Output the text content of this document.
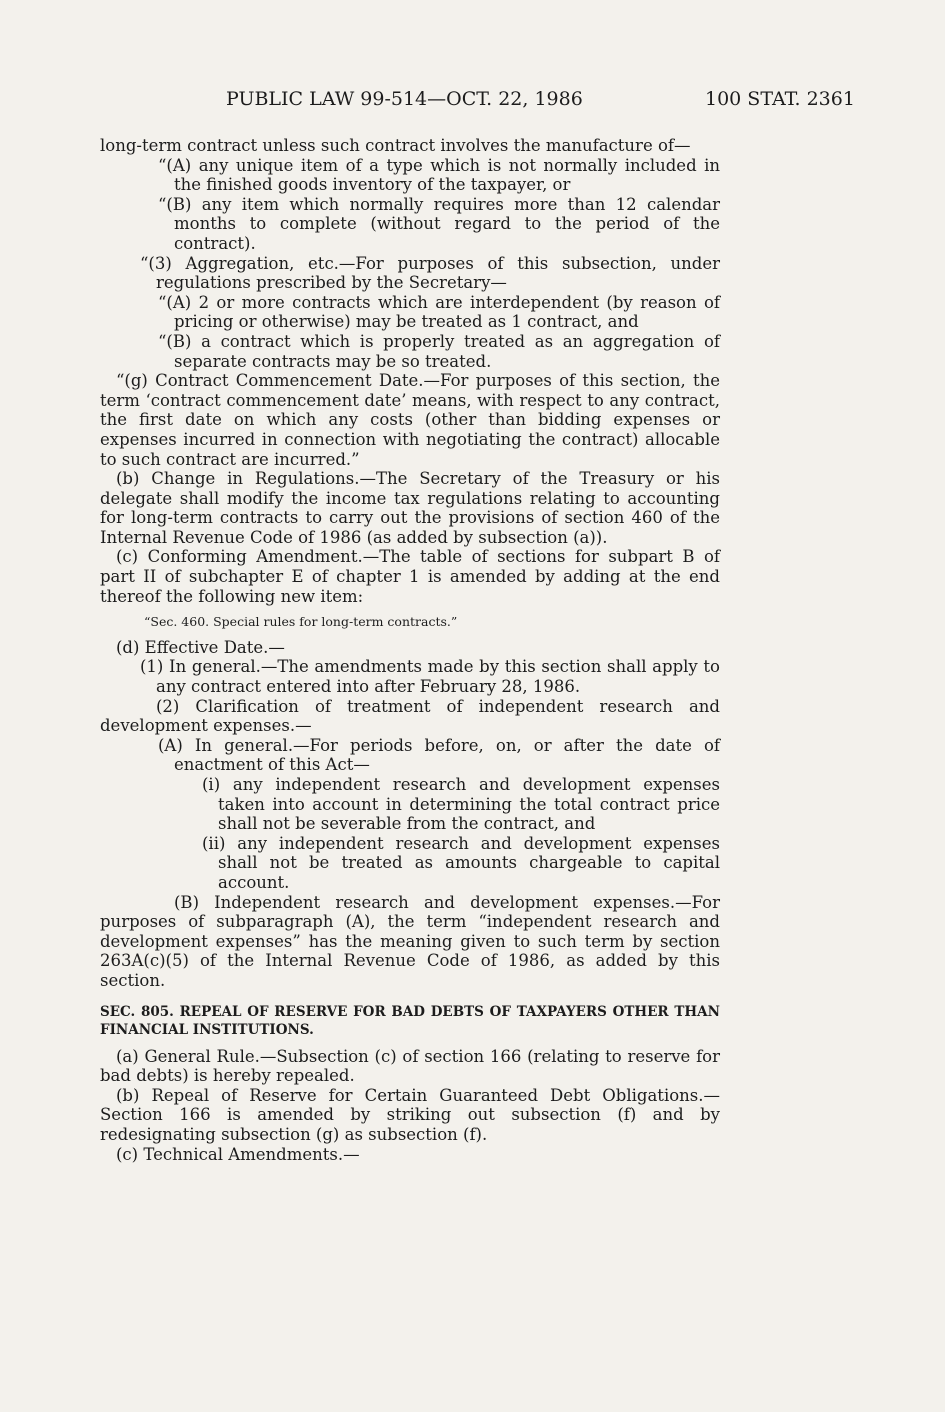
PUBLIC LAW 99-514—OCT. 22, 1986	100 STAT. 2361

long-term contract unless such contract involves the manufacture of—

“(A) any unique item of a type which is not normally included in the finished goods inventory of the taxpayer, or

“(B) any item which normally requires more than 12 calendar months to complete (without regard to the period of the contract).

“(3) Aggregation, etc.—For purposes of this subsection, under regulations prescribed by the Secretary—

“(A) 2 or more contracts which are interdependent (by reason of pricing or otherwise) may be treated as 1 contract, and

“(B) a contract which is properly treated as an aggregation of separate contracts may be so treated.

“(g) Contract Commencement Date.—For purposes of this section, the term ‘contract commencement date’ means, with respect to any contract, the first date on which any costs (other than bidding expenses or expenses incurred in connection with negotiating the contract) allocable to such contract are incurred.”

(b) Change in Regulations.—The Secretary of the Treasury or his delegate shall modify the income tax regulations relating to accounting for long-term contracts to carry out the provisions of section 460 of the Internal Revenue Code of 1986 (as added by subsection (a)).

(c) Conforming Amendment.—The table of sections for subpart B of part II of subchapter E of chapter 1 is amended by adding at the end thereof the following new item:

“Sec. 460. Special rules for long-term contracts.”

(d) Effective Date.—

(1) In general.—The amendments made by this section shall apply to any contract entered into after February 28, 1986.

(2) Clarification of treatment of independent research and development expenses.—

(A) In general.—For periods before, on, or after the date of enactment of this Act—

(i) any independent research and development expenses taken into account in determining the total contract price shall not be severable from the contract, and

(ii) any independent research and development expenses shall not be treated as amounts chargeable to capital account.

(B) Independent research and development expenses.—For purposes of subparagraph (A), the term “independent research and development expenses” has the meaning given to such term by section 263A(c)(5) of the Internal Revenue Code of 1986, as added by this section.

SEC. 805. REPEAL OF RESERVE FOR BAD DEBTS OF TAXPAYERS OTHER THAN FINANCIAL INSTITUTIONS.

(a) General Rule.—Subsection (c) of section 166 (relating to reserve for bad debts) is hereby repealed.

(b) Repeal of Reserve for Certain Guaranteed Debt Obligations.—Section 166 is amended by striking out subsection (f) and by redesignating subsection (g) as subsection (f).

(c) Technical Amendments.—
